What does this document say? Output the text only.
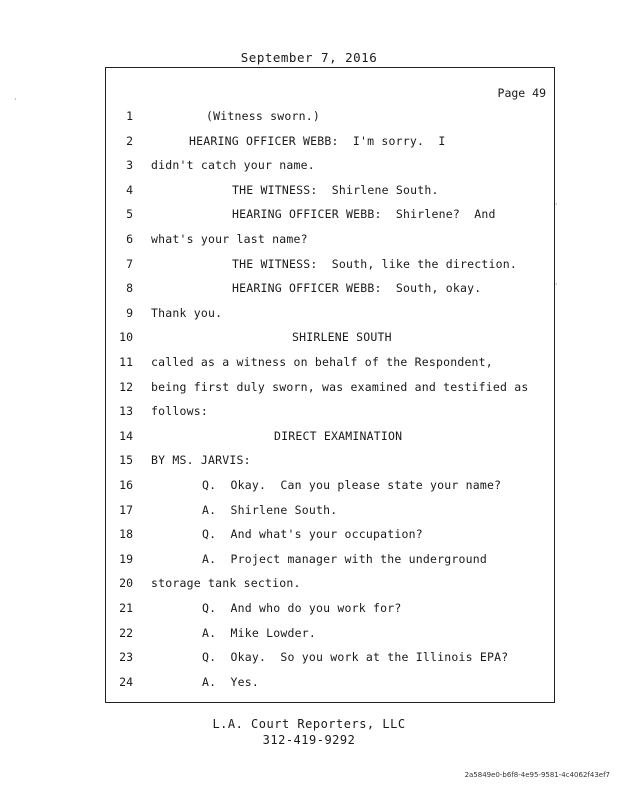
September 7, 2016
Page 49
1	(Witness sworn.)
2	HEARING OFFICER WEBB:  I'm sorry.  I
3 didn't catch your name.
4	THE WITNESS:  Shirlene South.
5	HEARING OFFICER WEBB:  Shirlene?  And
6 what's your last name?
7	THE WITNESS:  South, like the direction.
8	HEARING OFFICER WEBB:  South, okay.
9 Thank you.
10	SHIRLENE SOUTH
11 called as a witness on behalf of the Respondent,
12 being first duly sworn, was examined and testified as
13 follows:
14	DIRECT EXAMINATION
15 BY MS. JARVIS:
16	Q.  Okay.  Can you please state your name?
17	A.  Shirlene South.
18	Q.  And what's your occupation?
19	A.  Project manager with the underground
20 storage tank section.
21	Q.  And who do you work for?
22	A.  Mike Lowder.
23	Q.  Okay.  So you work at the Illinois EPA?
24	A.  Yes.
L.A. Court Reporters, LLC
312-419-9292
2a5849e0-b6f8-4e95-9581-4c4062f43ef7
·
·
·
